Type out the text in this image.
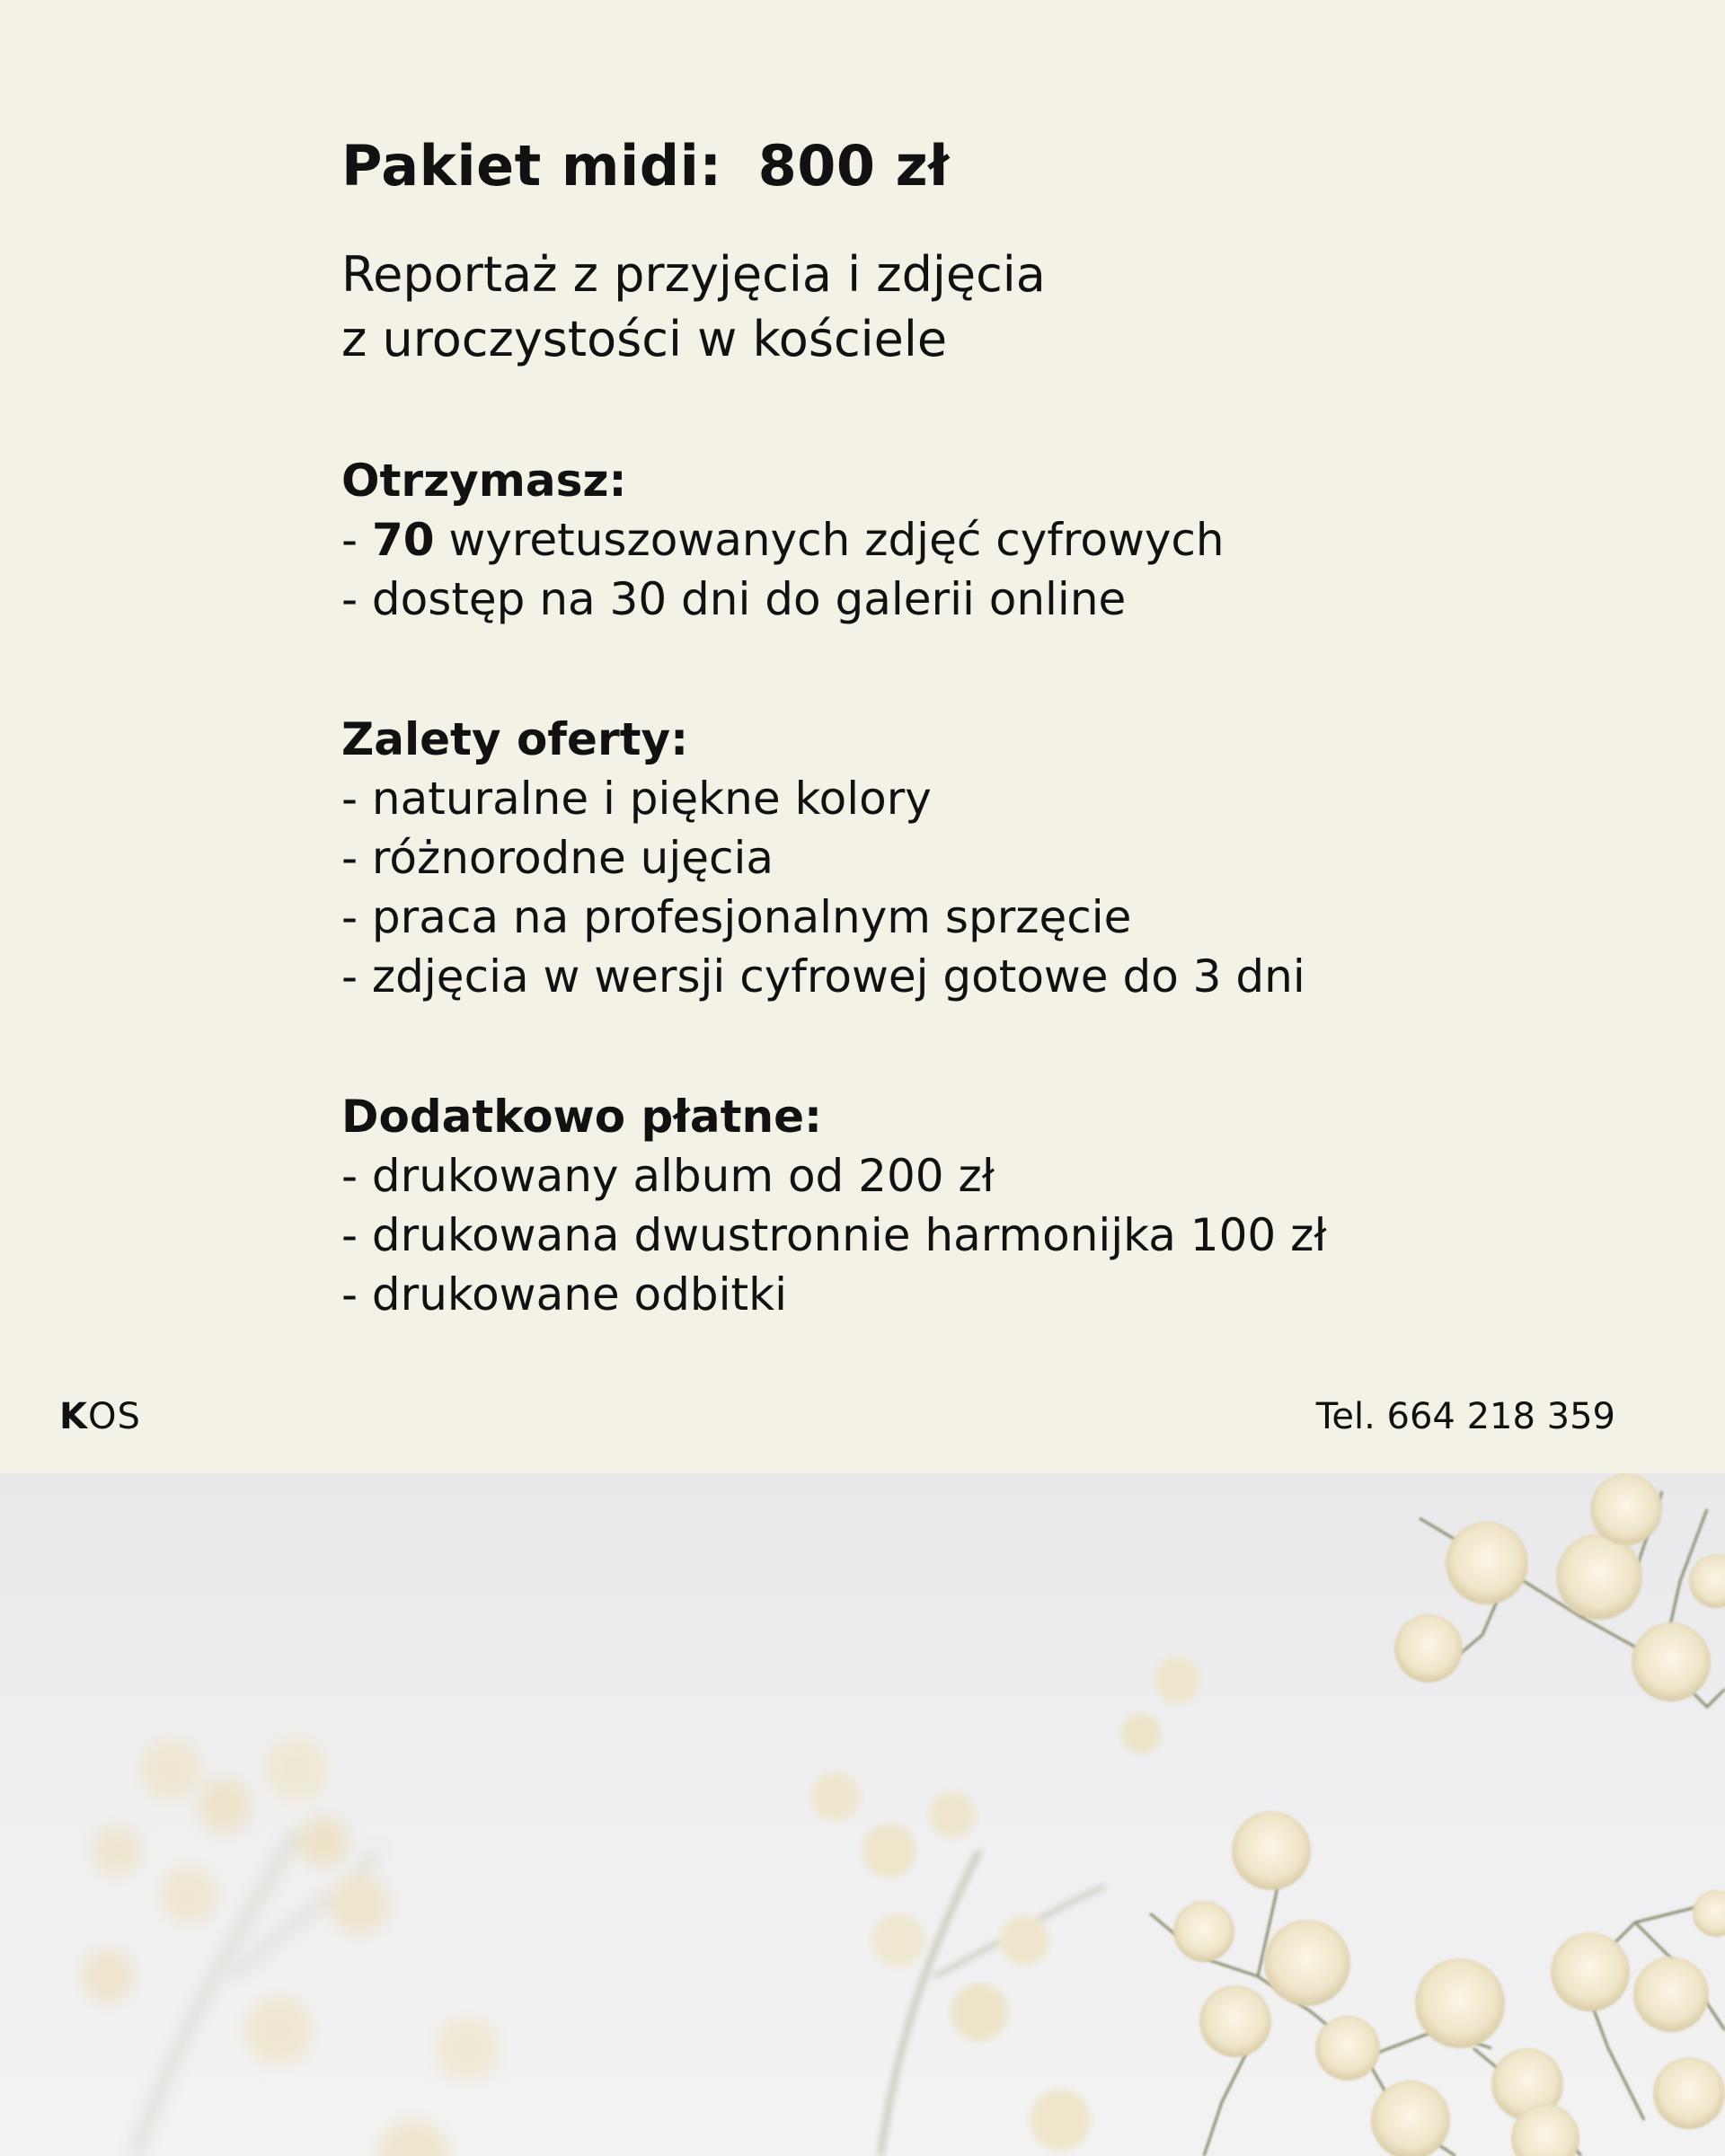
Pakiet midi: 800 zł
Reportaż z przyjęcia i zdjęcia
z uroczystości w kościele
Otrzymasz:
- 70 wyretuszowanych zdjęć cyfrowych
- dostęp na 30 dni do galerii online
Zalety oferty:
- naturalne i piękne kolory
- różnorodne ujęcia
- praca na profesjonalnym sprzęcie
- zdjęcia w wersji cyfrowej gotowe do 3 dni
Dodatkowo płatne:
- drukowany album od 200 zł
- drukowana dwustronnie harmonijka 100 zł
- drukowane odbitki
KOS	Tel. 664 218 359
